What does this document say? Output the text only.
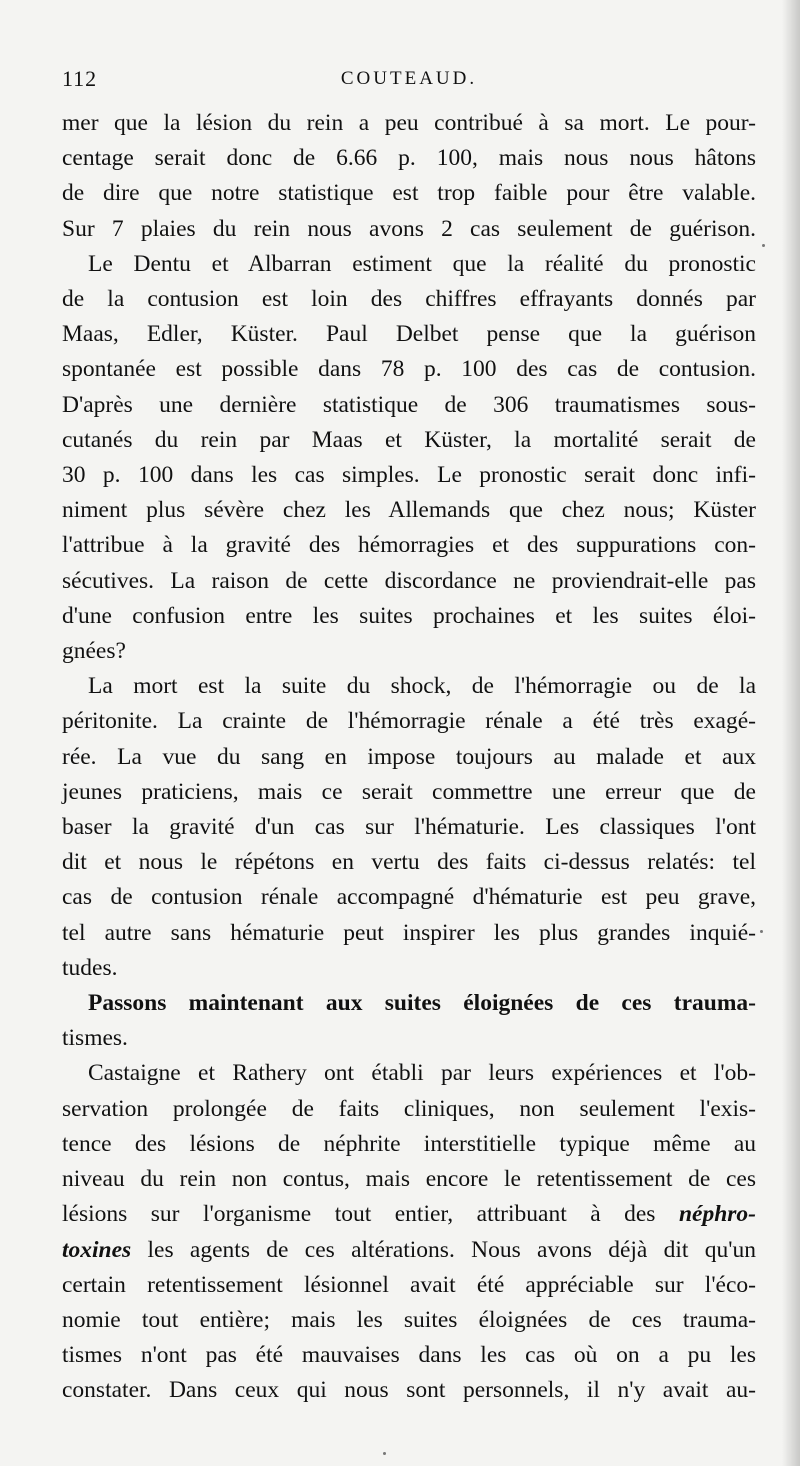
112	COUTEAUD.
mer que la lésion du rein a peu contribué à sa mort. Le pour-
centage serait donc de 6.66 p. 100, mais nous nous hâtons
de dire que notre statistique est trop faible pour être valable.
Sur 7 plaies du rein nous avons 2 cas seulement de guérison.
Le Dentu et Albarran estiment que la réalité du pronostic
de la contusion est loin des chiffres effrayants donnés par
Maas, Edler, Küster. Paul Delbet pense que la guérison
spontanée est possible dans 78 p. 100 des cas de contusion.
D'après une dernière statistique de 306 traumatismes sous-
cutanés du rein par Maas et Küster, la mortalité serait de
30 p. 100 dans les cas simples. Le pronostic serait donc infi-
niment plus sévère chez les Allemands que chez nous; Küster
l'attribue à la gravité des hémorragies et des suppurations con-
sécutives. La raison de cette discordance ne proviendrait-elle pas
d'une confusion entre les suites prochaines et les suites éloi-
gnées?
La mort est la suite du shock, de l'hémorragie ou de la
péritonite. La crainte de l'hémorragie rénale a été très exagé-
rée. La vue du sang en impose toujours au malade et aux
jeunes praticiens, mais ce serait commettre une erreur que de
baser la gravité d'un cas sur l'hématurie. Les classiques l'ont
dit et nous le répétons en vertu des faits ci-dessus relatés: tel
cas de contusion rénale accompagné d'hématurie est peu grave,
tel autre sans hématurie peut inspirer les plus grandes inquié-
tudes.
Passons maintenant aux suites éloignées de ces trauma-
tismes.
Castaigne et Rathery ont établi par leurs expériences et l'ob-
servation prolongée de faits cliniques, non seulement l'exis-
tence des lésions de néphrite interstitielle typique même au
niveau du rein non contus, mais encore le retentissement de ces
lésions sur l'organisme tout entier, attribuant à des néphro-
toxines les agents de ces altérations. Nous avons déjà dit qu'un
certain retentissement lésionnel avait été appréciable sur l'éco-
nomie tout entière; mais les suites éloignées de ces trauma-
tismes n'ont pas été mauvaises dans les cas où on a pu les
constater. Dans ceux qui nous sont personnels, il n'y avait au-
